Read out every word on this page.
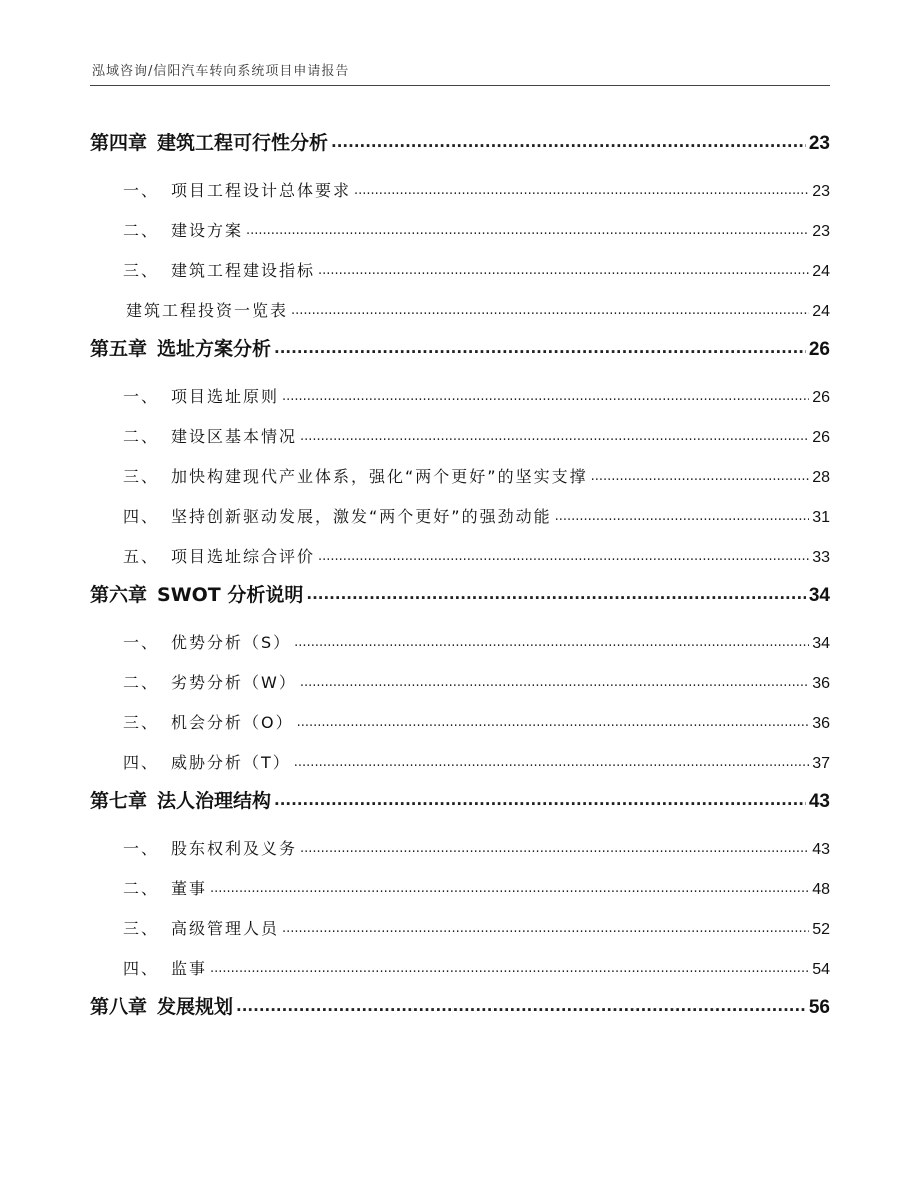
泓域咨询/信阳汽车转向系统项目申请报告
第四章 建筑工程可行性分析 .....	23
一、 项目工程设计总体要求 .....	23
二、 建设方案 .....	23
三、 建筑工程建设指标 .....	24
建筑工程投资一览表 .....	24
第五章 选址方案分析 .....	26
一、 项目选址原则 .....	26
二、 建设区基本情况 .....	26
三、 加快构建现代产业体系，强化“两个更好”的坚实支撑 .....	28
四、 坚持创新驱动发展，激发“两个更好”的强劲动能 .....	31
五、 项目选址综合评价 .....	33
第六章 SWOT 分析说明 .....	34
一、 优势分析（S） .....	34
二、 劣势分析（W） .....	36
三、 机会分析（O） .....	36
四、 威胁分析（T） .....	37
第七章 法人治理结构 .....	43
一、 股东权利及义务 .....	43
二、 董事 .....	48
三、 高级管理人员 .....	52
四、 监事 .....	54
第八章 发展规划 .....	56
